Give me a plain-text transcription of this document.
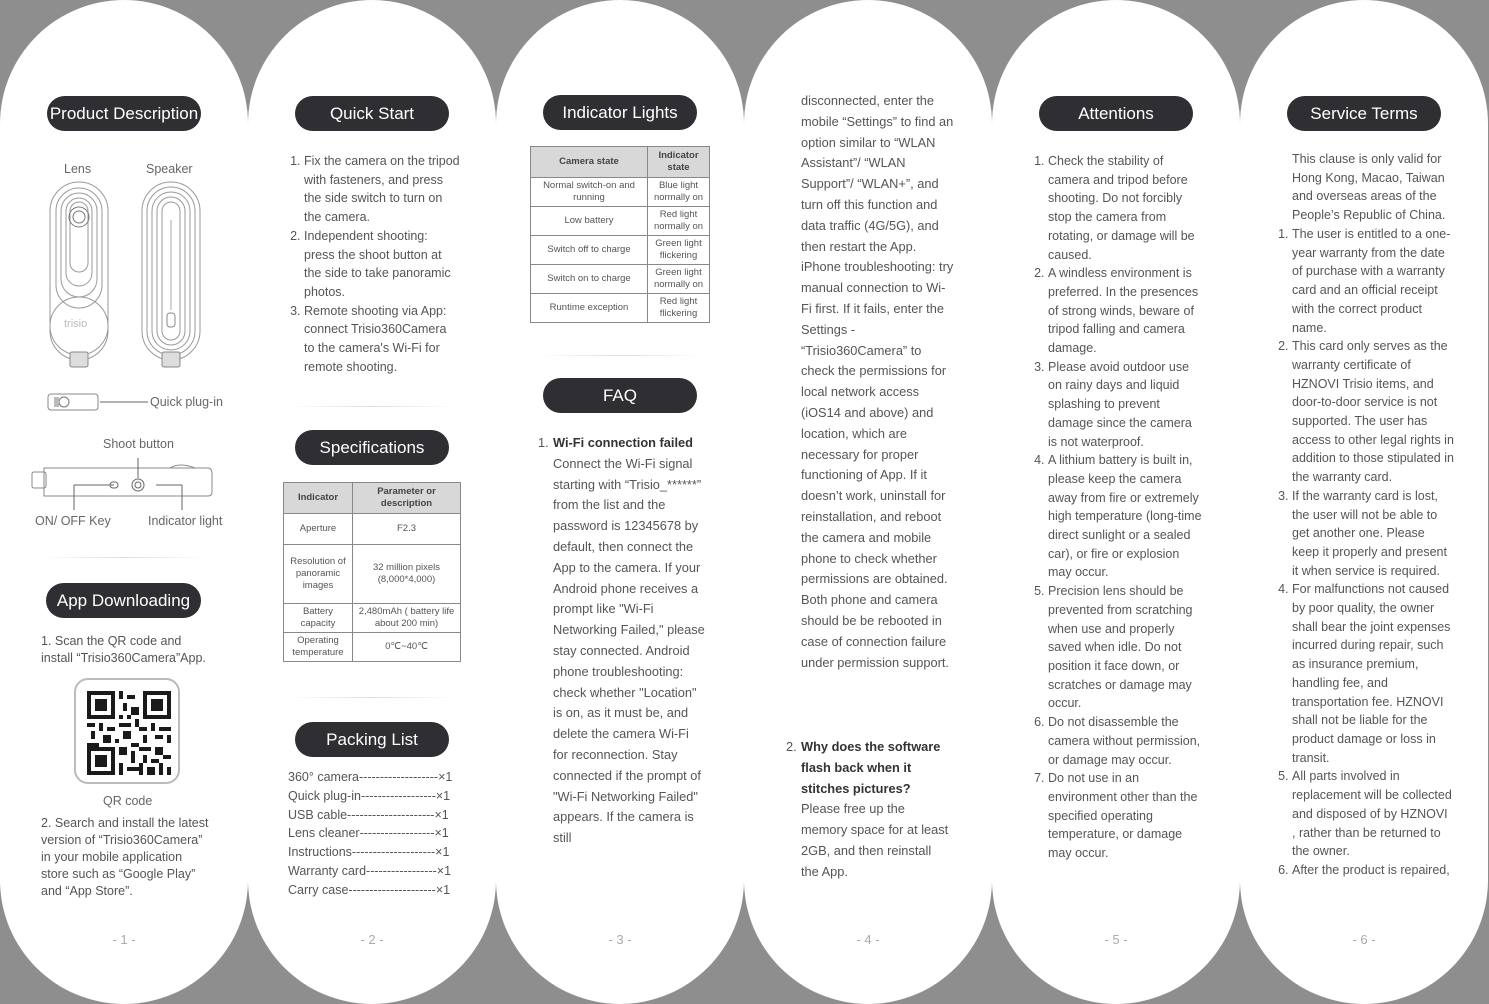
Product Description
Lens	Speaker
trisio
Quick plug-in
Shoot button
ON/ OFF Key	Indicator light
App Downloading
1. Scan the QR code and install “Trisio360Camera”App.
QR code
2. Search and install the latest version of “Trisio360Camera” in your mobile application store such as “Google Play” and “App Store”.
- 1 -
Quick Start
1. Fix the camera on the tripod with fasteners, and press the side switch to turn on the camera.
2. Independent shooting: press the shoot button at the side to take panoramic photos.
3. Remote shooting via App: connect Trisio360Camera to the camera's Wi-Fi for remote shooting.
Specifications
Indicator	Parameter or description
Aperture	F2.3
Resolution of panoramic images	32 million pixels (8,000*4,000)
Battery capacity	2,480mAh ( battery life about 200 min)
Operating temperature	0℃~40℃
Packing List
360° camera-------------------×1
Quick plug-in------------------×1
USB cable---------------------×1
Lens cleaner------------------×1
Instructions--------------------×1
Warranty card-----------------×1
Carry case---------------------×1
- 2 -
Indicator Lights
Camera state	Indicator state
Normal switch-on and running	Blue light normally on
Low battery	Red light normally on
Switch off to charge	Green light flickering
Switch on to charge	Green light normally on
Runtime exception	Red light flickering
FAQ
1. Wi-Fi connection failed
Connect the Wi-Fi signal starting with “Trisio_******” from the list and the password is 12345678 by default, then connect the App to the camera. If your Android phone receives a prompt like "Wi-Fi Networking Failed," please stay connected. Android phone troubleshooting: check whether "Location" is on, as it must be, and delete the camera Wi-Fi for reconnection. Stay connected if the prompt of "Wi-Fi Networking Failed" appears. If the camera is still
- 3 -
disconnected, enter the mobile “Settings” to find an option similar to “WLAN Assistant”/ “WLAN Support”/ “WLAN+”, and turn off this function and data traffic (4G/5G), and then restart the App. iPhone troubleshooting: try manual connection to Wi-Fi first. If it fails, enter the Settings - “Trisio360Camera” to check the permissions for local network access (iOS14 and above) and location, which are necessary for proper functioning of App. If it doesn’t work, uninstall for reinstallation, and reboot the camera and mobile phone to check whether permissions are obtained. Both phone and camera should be be rebooted in case of connection failure under permission support.
2. Why does the software flash back when it stitches pictures?
Please free up the memory space for at least 2GB, and then reinstall the App.
- 4 -
Attentions
1. Check the stability of camera and tripod before shooting. Do not forcibly stop the camera from rotating, or damage will be caused.
2. A windless environment is preferred. In the presences of strong winds, beware of tripod falling and camera damage.
3. Please avoid outdoor use on rainy days and liquid splashing to prevent damage since the camera is not waterproof.
4. A lithium battery is built in, please keep the camera away from fire or extremely high temperature (long-time direct sunlight or a sealed car), or fire or explosion may occur.
5. Precision lens should be prevented from scratching when use and properly saved when idle. Do not position it face down, or scratches or damage may occur.
6. Do not disassemble the camera without permission, or damage may occur.
7. Do not use in an environment other than the specified operating temperature, or damage may occur.
- 5 -
Service Terms
This clause is only valid for Hong Kong, Macao, Taiwan and overseas areas of the People’s Republic of China.
1. The user is entitled to a one-year warranty from the date of purchase with a warranty card and an official receipt with the correct product name.
2. This card only serves as the warranty certificate of HZNOVI Trisio items, and door-to-door service is not supported. The user has access to other legal rights in addition to those stipulated in the warranty card.
3. If the warranty card is lost, the user will not be able to get another one. Please keep it properly and present it when service is required.
4. For malfunctions not caused by poor quality, the owner shall bear the joint expenses incurred during repair, such as insurance premium, handling fee, and transportation fee. HZNOVI shall not be liable for the product damage or loss in transit.
5. All parts involved in replacement will be collected and disposed of by HZNOVI , rather than be returned to the owner.
6. After the product is repaired,
- 6 -
